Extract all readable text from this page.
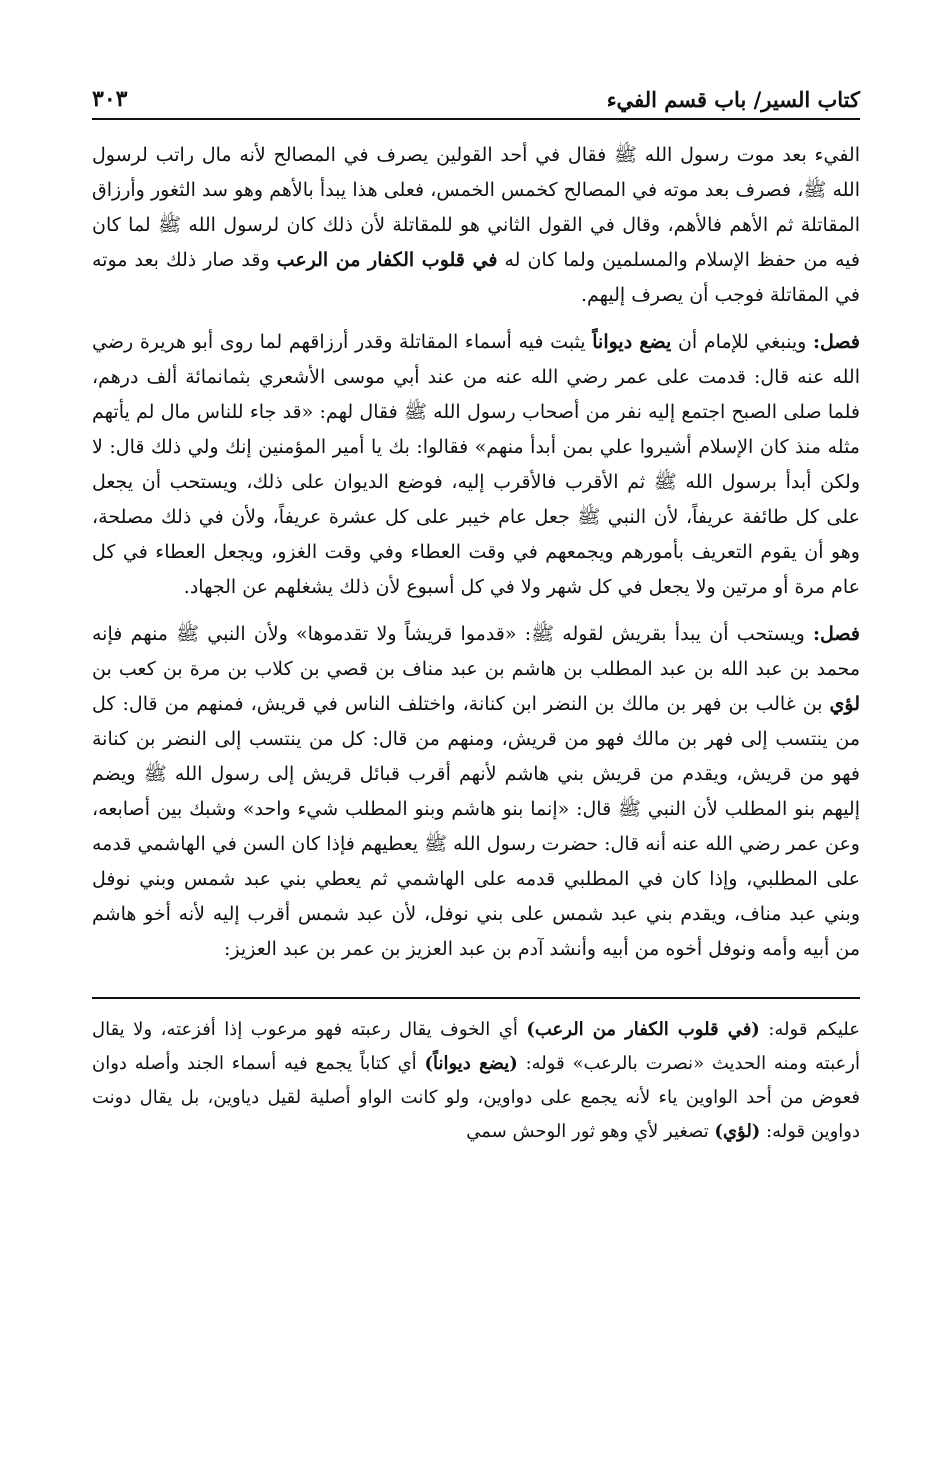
كتاب السير/ باب قسم الفيء
٣٠٣

الفيء بعد موت رسول الله ﷺ فقال في أحد القولين يصرف في المصالح لأنه مال راتب لرسول الله ﷺ، فصرف بعد موته في المصالح كخمس الخمس، فعلى هذا يبدأ بالأهم وهو سد الثغور وأرزاق المقاتلة ثم الأهم فالأهم، وقال في القول الثاني هو للمقاتلة لأن ذلك كان لرسول الله ﷺ لما كان فيه من حفظ الإسلام والمسلمين ولما كان له في قلوب الكفار من الرعب وقد صار ذلك بعد موته في المقاتلة فوجب أن يصرف إليهم.

فصل: وينبغي للإمام أن يضع ديواناً يثبت فيه أسماء المقاتلة وقدر أرزاقهم لما روى أبو هريرة رضي الله عنه قال: قدمت على عمر رضي الله عنه من عند أبي موسى الأشعري بثمانمائة ألف درهم، فلما صلى الصبح اجتمع إليه نفر من أصحاب رسول الله ﷺ فقال لهم: «قد جاء للناس مال لم يأتهم مثله منذ كان الإسلام أشيروا علي بمن أبدأ منهم» فقالوا: بك يا أمير المؤمنين إنك ولي ذلك قال: لا ولكن أبدأ برسول الله ﷺ ثم الأقرب فالأقرب إليه، فوضع الديوان على ذلك، ويستحب أن يجعل على كل طائفة عريفاً، لأن النبي ﷺ جعل عام خيبر على كل عشرة عريفاً، ولأن في ذلك مصلحة، وهو أن يقوم التعريف بأمورهم ويجمعهم في وقت العطاء وفي وقت الغزو، ويجعل العطاء في كل عام مرة أو مرتين ولا يجعل في كل شهر ولا في كل أسبوع لأن ذلك يشغلهم عن الجهاد.

فصل: ويستحب أن يبدأ بقريش لقوله ﷺ: «قدموا قريشاً ولا تقدموها» ولأن النبي ﷺ منهم فإنه محمد بن عبد الله بن عبد المطلب بن هاشم بن عبد مناف بن قصي بن كلاب بن مرة بن كعب بن لؤي بن غالب بن فهر بن مالك بن النضر ابن كنانة، واختلف الناس في قريش، فمنهم من قال: كل من ينتسب إلى فهر بن مالك فهو من قريش، ومنهم من قال: كل من ينتسب إلى النضر بن كنانة فهو من قريش، ويقدم من قريش بني هاشم لأنهم أقرب قبائل قريش إلى رسول الله ﷺ ويضم إليهم بنو المطلب لأن النبي ﷺ قال: «إنما بنو هاشم وبنو المطلب شيء واحد» وشبك بين أصابعه، وعن عمر رضي الله عنه أنه قال: حضرت رسول الله ﷺ يعطيهم فإذا كان السن في الهاشمي قدمه على المطلبي، وإذا كان في المطلبي قدمه على الهاشمي ثم يعطي بني عبد شمس وبني نوفل وبني عبد مناف، ويقدم بني عبد شمس على بني نوفل، لأن عبد شمس أقرب إليه لأنه أخو هاشم من أبيه وأمه ونوفل أخوه من أبيه وأنشد آدم بن عبد العزيز بن عمر بن عبد العزيز:

عليكم قوله: (في قلوب الكفار من الرعب) أي الخوف يقال رعبته فهو مرعوب إذا أفزعته، ولا يقال أرعبته ومنه الحديث «نصرت بالرعب» قوله: (يضع ديواناً) أي كتاباً يجمع فيه أسماء الجند وأصله دوان فعوض من أحد الواوين ياء لأنه يجمع على دواوين، ولو كانت الواو أصلية لقيل دياوين، بل يقال دونت دواوين قوله: (لؤي) تصغير لأي وهو ثور الوحش سمي
